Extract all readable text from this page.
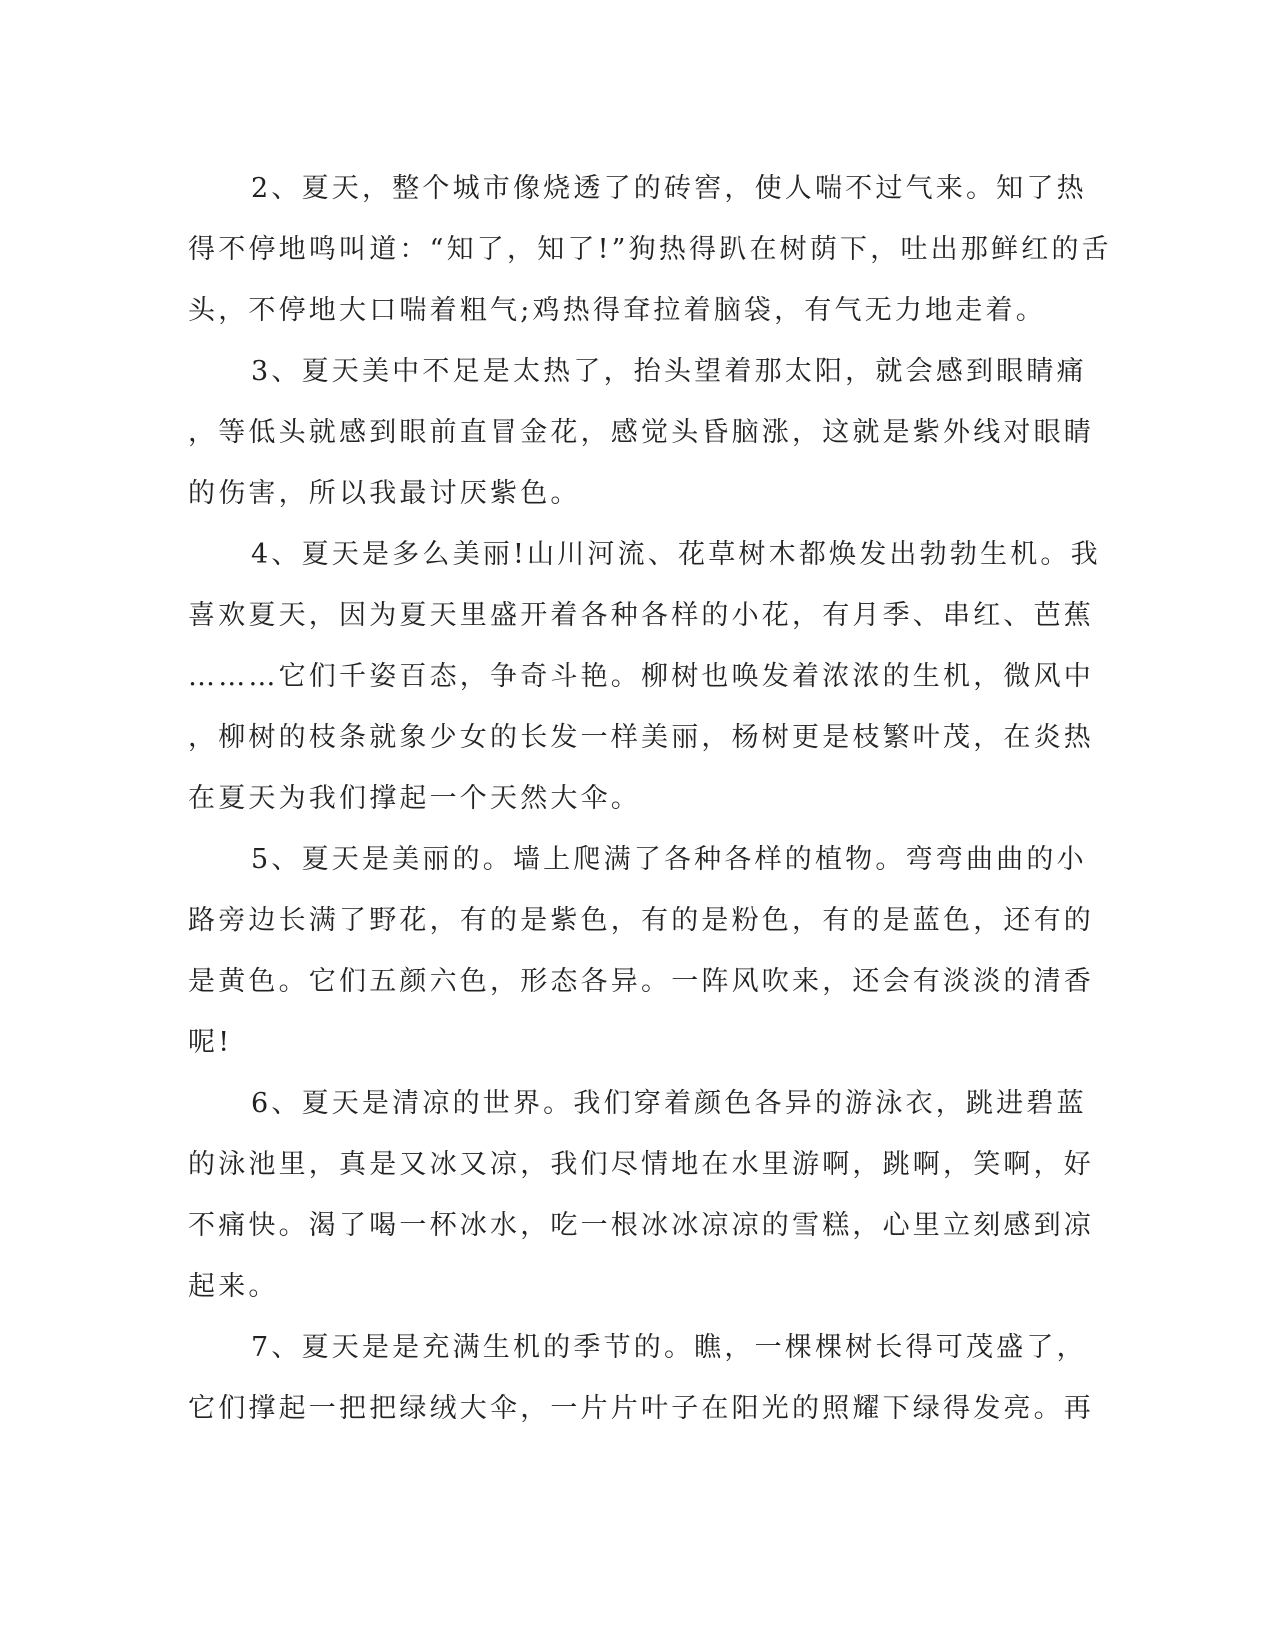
2、夏天，整个城市像烧透了的砖窖，使人喘不过气来。知了热
得不停地鸣叫道：“知了，知了!”狗热得趴在树荫下，吐出那鲜红的舌
头，不停地大口喘着粗气;鸡热得耷拉着脑袋，有气无力地走着。
3、夏天美中不足是太热了，抬头望着那太阳，就会感到眼睛痛
，等低头就感到眼前直冒金花，感觉头昏脑涨，这就是紫外线对眼睛
的伤害，所以我最讨厌紫色。
4、夏天是多么美丽!山川河流、花草树木都焕发出勃勃生机。我
喜欢夏天，因为夏天里盛开着各种各样的小花，有月季、串红、芭蕉
………它们千姿百态，争奇斗艳。柳树也唤发着浓浓的生机，微风中
，柳树的枝条就象少女的长发一样美丽，杨树更是枝繁叶茂，在炎热
在夏天为我们撑起一个天然大伞。
5、夏天是美丽的。墙上爬满了各种各样的植物。弯弯曲曲的小
路旁边长满了野花，有的是紫色，有的是粉色，有的是蓝色，还有的
是黄色。它们五颜六色，形态各异。一阵风吹来，还会有淡淡的清香
呢!
6、夏天是清凉的世界。我们穿着颜色各异的游泳衣，跳进碧蓝
的泳池里，真是又冰又凉，我们尽情地在水里游啊，跳啊，笑啊，好
不痛快。渴了喝一杯冰水，吃一根冰冰凉凉的雪糕，心里立刻感到凉
起来。
7、夏天是是充满生机的季节的。瞧，一棵棵树长得可茂盛了，
它们撑起一把把绿绒大伞，一片片叶子在阳光的照耀下绿得发亮。再
